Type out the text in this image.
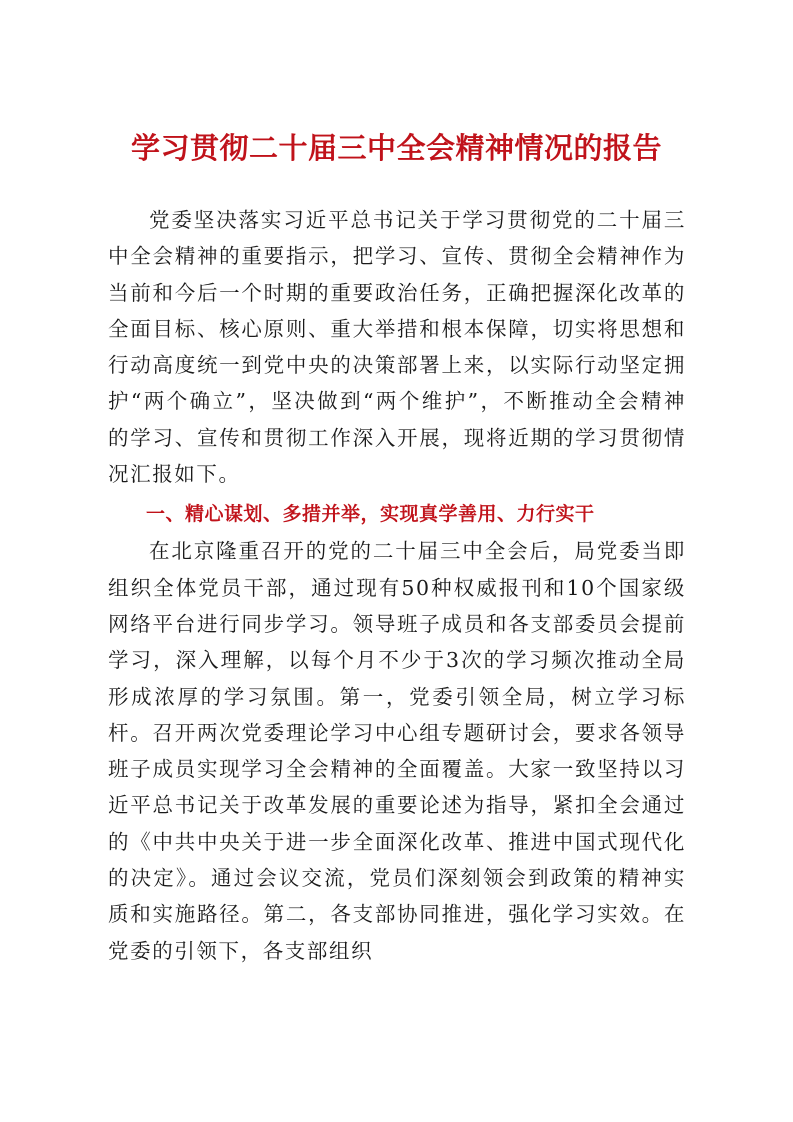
学习贯彻二十届三中全会精神情况的报告

党委坚决落实习近平总书记关于学习贯彻党的二十届三中全会精神的重要指示，把学习、宣传、贯彻全会精神作为当前和今后一个时期的重要政治任务，正确把握深化改革的全面目标、核心原则、重大举措和根本保障，切实将思想和行动高度统一到党中央的决策部署上来，以实际行动坚定拥护“两个确立”，坚决做到“两个维护”，不断推动全会精神的学习、宣传和贯彻工作深入开展，现将近期的学习贯彻情况汇报如下。

一、精心谋划、多措并举，实现真学善用、力行实干

在北京隆重召开的党的二十届三中全会后，局党委当即组织全体党员干部，通过现有50种权威报刊和10个国家级网络平台进行同步学习。领导班子成员和各支部委员会提前学习，深入理解，以每个月不少于3次的学习频次推动全局形成浓厚的学习氛围。第一，党委引领全局，树立学习标杆。召开两次党委理论学习中心组专题研讨会，要求各领导班子成员实现学习全会精神的全面覆盖。大家一致坚持以习近平总书记关于改革发展的重要论述为指导，紧扣全会通过的《中共中央关于进一步全面深化改革、推进中国式现代化的决定》。通过会议交流，党员们深刻领会到政策的精神实质和实施路径。第二，各支部协同推进，强化学习实效。在党委的引领下，各支部组织
